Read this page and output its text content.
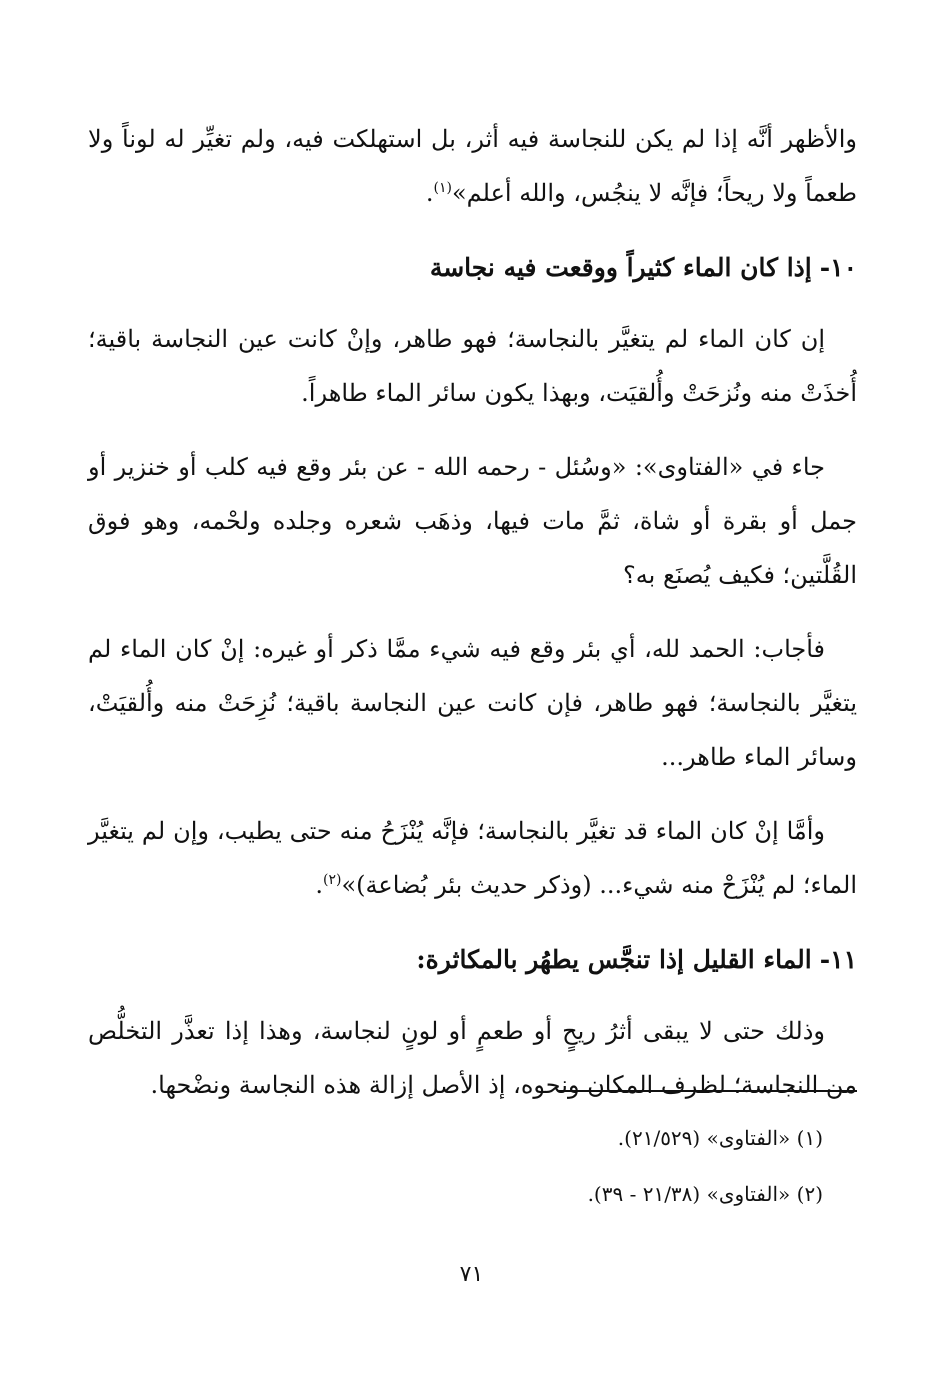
والأظهر أنَّه إذا لم يكن للنجاسة فيه أثر، بل استهلكت فيه، ولم تغيِّر له لوناً ولا طعماً ولا ريحاً؛ فإنَّه لا ينجُس، والله أعلم»$^{(١)}$.

١٠-إذا كان الماء كثيراً ووقعت فيه نجاسة

إن كان الماء لم يتغيَّر بالنجاسة؛ فهو طاهر، وإنْ كانت عين النجاسة باقية؛ أُخذَتْ منه ونُزحَتْ وأُلقيَت، وبهذا يكون سائر الماء طاهراً.

جاء في «الفتاوى»: «وسُئل - رحمه الله - عن بئر وقع فيه كلب أو خنزير أو جمل أو بقرة أو شاة، ثمَّ مات فيها، وذهَب شعره وجلده ولحْمه، وهو فوق القُلَّتين؛ فكيف يُصنَع به؟

فأجاب: الحمد لله، أي بئر وقع فيه شيء ممَّا ذكر أو غيره: إنْ كان الماء لم يتغيَّر بالنجاسة؛ فهو طاهر، فإن كانت عين النجاسة باقية؛ نُزِحَتْ منه وأُلقيَتْ، وسائر الماء طاهر...

وأمَّا إنْ كان الماء قد تغيَّر بالنجاسة؛ فإنَّه يُنْزَحُ منه حتى يطيب، وإن لم يتغيَّر الماء؛ لم يُنْزَحْ منه شيء... (وذكر حديث بئر بُضاعة)»$^{(٢)}$.

١١-الماء القليل إذا تنجَّس يطهُر بالمكاثرة:

وذلك حتى لا يبقى أثرُ ريحٍ أو طعمٍ أو لونٍ لنجاسة، وهذا إذا تعذَّر التخلُّص من النجاسة؛ لظرف المكان ونحوه، إذ الأصل إزالة هذه النجاسة ونضْحها.

(١) «الفتاوى» (٢١/٥٢٩).

(٢) «الفتاوى» (٢١/٣٨ - ٣٩).

٧١
